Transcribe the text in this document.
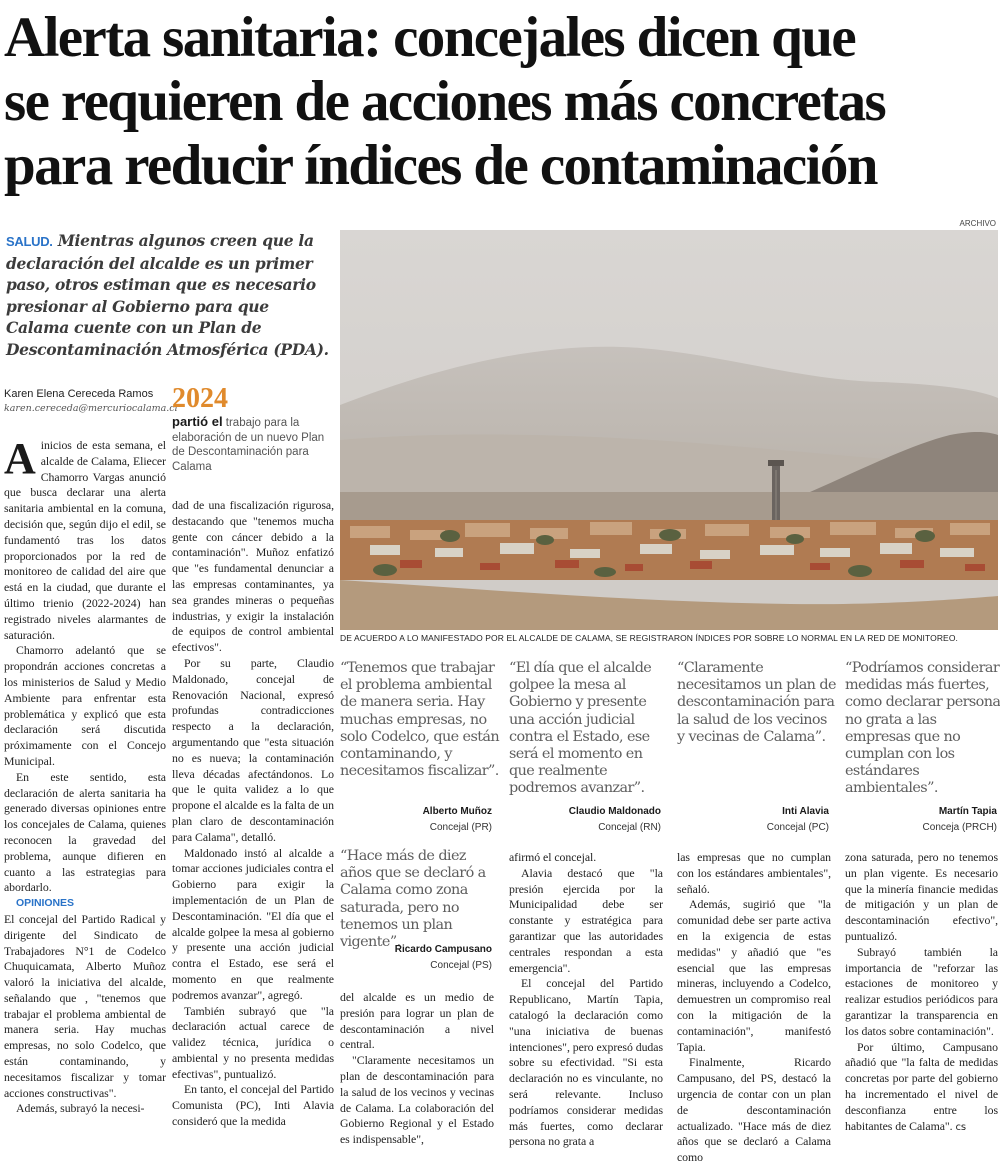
Alerta sanitaria: concejales dicen que
se requieren de acciones más concretas
para reducir índices de contaminación
ARCHIVO
SALUD. Mientras algunos creen que la declaración del alcalde es un primer paso, otros estiman que es necesario presionar al Gobierno para que Calama cuente con un Plan de Descontaminación Atmosférica (PDA).
Karen Elena Cereceda Ramos
karen.cereceda@mercuriocalama.cl
2024
partió el trabajo para la elaboración de un nuevo Plan de Descontaminación para Calama
DE ACUERDO A LO MANIFESTADO POR EL ALCALDE DE CALAMA, SE REGISTRARON ÍNDICES POR SOBRE LO NORMAL EN LA RED DE MONITOREO.

Ainicios de esta semana, el alcalde de Calama, Eliecer Chamorro Vargas anunció que busca declarar una alerta sanitaria ambiental en la comuna, decisión que, según dijo el edil, se fundamentó tras los datos proporcionados por la red de monitoreo de calidad del aire que está en la ciudad, que durante el último trienio (2022-2024) han registrado niveles alarmantes de saturación.

Chamorro adelantó que se propondrán acciones concretas a los ministerios de Salud y Medio Ambiente para enfrentar esta problemática y explicó que esta declaración será discutida próximamente con el Concejo Municipal.

En este sentido, esta declaración de alerta sanitaria ha generado diversas opiniones entre los concejales de Calama, quienes reconocen la gravedad del problema, aunque difieren en cuanto a las estrategias para abordarlo.

OPINIONES

El concejal del Partido Radical y dirigente del Sindicato de Trabajadores N°1 de Codelco Chuquicamata, Alberto Muñoz valoró la iniciativa del alcalde, señalando que , "tenemos que trabajar el problema ambiental de manera seria. Hay muchas empresas, no solo Codelco, que están contaminando, y necesitamos fiscalizar y tomar acciones constructivas".

Además, subrayó la necesi-

dad de una fiscalización rigurosa, destacando que "tenemos mucha gente con cáncer debido a la contaminación". Muñoz enfatizó que "es fundamental denunciar a las empresas contaminantes, ya sea grandes mineras o pequeñas industrias, y exigir la instalación de equipos de control ambiental efectivos".

Por su parte, Claudio Maldonado, concejal de Renovación Nacional, expresó profundas contradicciones respecto a la declaración, argumentando que "esta situación no es nueva; la contaminación lleva décadas afectándonos. Lo que le quita validez a lo que propone el alcalde es la falta de un plan claro de descontaminación para Calama", detalló.

Maldonado instó al alcalde a tomar acciones judiciales contra el Gobierno para exigir la implementación de un Plan de Descontaminación. "El día que el alcalde golpee la mesa al gobierno y presente una acción judicial contra el Estado, ese será el momento en que realmente podremos avanzar", agregó.

También subrayó que "la declaración actual carece de validez técnica, jurídica o ambiental y no presenta medidas efectivas", puntualizó.

En tanto, el concejal del Partido Comunista (PC), Inti Alavia consideró que la medida

“Tenemos que trabajar el problema ambiental de manera seria. Hay muchas empresas, no solo Codelco, que están contaminando, y necesitamos fiscalizar”.
Alberto Muñoz
Concejal (PR)
“El día que el alcalde golpee la mesa al Gobierno y presente una acción judicial contra el Estado, ese será el momento en que realmente podremos avanzar”.
Claudio Maldonado
Concejal (RN)
“Claramente necesitamos un plan de descontaminación para la salud de los vecinos y vecinas de Calama”.
Inti Alavia
Concejal (PC)
“Podríamos considerar medidas más fuertes, como declarar persona no grata a las empresas que no cumplan con los estándares ambientales”.
Martín Tapia
Conceja (PRCH)
“Hace más de diez años que se declaró a Calama como zona saturada, pero no tenemos un plan vigente”.
Ricardo Campusano
Concejal (PS)

del alcalde es un medio de presión para lograr un plan de descontaminación a nivel central.

"Claramente necesitamos un plan de descontaminación para la salud de los vecinos y vecinas de Calama. La colaboración del Gobierno Regional y el Estado es indispensable",

afirmó el concejal.

Alavia destacó que "la presión ejercida por la Municipalidad debe ser constante y estratégica para garantizar que las autoridades centrales respondan a esta emergencia".

El concejal del Partido Republicano, Martín Tapia, catalogó la declaración como "una iniciativa de buenas intenciones", pero expresó dudas sobre su efectividad. "Si esta declaración no es vinculante, no será relevante. Incluso podríamos considerar medidas más fuertes, como declarar persona no grata a

las empresas que no cumplan con los estándares ambientales", señaló.

Además, sugirió que "la comunidad debe ser parte activa en la exigencia de estas medidas" y añadió que "es esencial que las empresas mineras, incluyendo a Codelco, demuestren un compromiso real con la mitigación de la contaminación", manifestó Tapia.

Finalmente, Ricardo Campusano, del PS, destacó la urgencia de contar con un plan de descontaminación actualizado. "Hace más de diez años que se declaró a Calama como

zona saturada, pero no tenemos un plan vigente. Es necesario que la minería financie medidas de mitigación y un plan de descontaminación efectivo", puntualizó.

Subrayó también la importancia de "reforzar las estaciones de monitoreo y realizar estudios periódicos para garantizar la transparencia en los datos sobre contaminación".

Por último, Campusano añadió que "la falta de medidas concretas por parte del gobierno ha incrementado el nivel de desconfianza entre los habitantes de Calama". cs
